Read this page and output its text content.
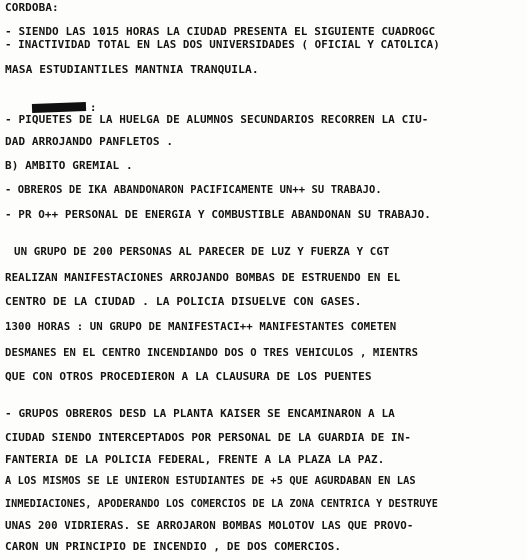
CORDOBA:
- SIENDO LAS 1015 HORAS LA CIUDAD PRESENTA EL SIGUIENTE CUADROGC
- INACTIVIDAD TOTAL EN LAS DOS UNIVERSIDADES ( OFICIAL Y CATOLICA)
MASA ESTUDIANTILES MANTNIA TRANQUILA.

:

- PIQUETES DE LA HUELGA DE ALUMNOS SECUNDARIOS RECORREN LA CIU-
DAD ARROJANDO PANFLETOS .
B) AMBITO GREMIAL .
- OBREROS DE IKA ABANDONARON PACIFICAMENTE UN++ SU TRABAJO.
- PR O++ PERSONAL DE ENERGIA Y COMBUSTIBLE ABANDONAN SU TRABAJO.
UN GRUPO DE 200 PERSONAS AL PARECER DE LUZ Y FUERZA Y CGT
REALIZAN MANIFESTACIONES ARROJANDO BOMBAS DE ESTRUENDO EN EL
CENTRO DE LA CIUDAD . LA POLICIA DISUELVE CON GASES.
1300 HORAS : UN GRUPO DE MANIFESTACI++ MANIFESTANTES COMETEN
DESMANES EN EL CENTRO INCENDIANDO DOS O TRES VEHICULOS , MIENTRS
QUE CON OTROS PROCEDIERON A LA CLAUSURA DE LOS PUENTES
- GRUPOS OBREROS DESD LA PLANTA KAISER SE ENCAMINARON A LA
CIUDAD SIENDO INTERCEPTADOS POR PERSONAL DE LA GUARDIA DE IN-
FANTERIA DE LA POLICIA FEDERAL, FRENTE A LA PLAZA LA PAZ.
A LOS MISMOS SE LE UNIERON ESTUDIANTES DE +5 QUE AGURDABAN EN LAS
INMEDIACIONES, APODERANDO LOS COMERCIOS DE LA ZONA CENTRICA Y DESTRUYE
UNAS 200 VIDRIERAS. SE ARROJARON BOMBAS MOLOTOV LAS QUE PROVO-
CARON UN PRINCIPIO DE INCENDIO , DE DOS COMERCIOS.
